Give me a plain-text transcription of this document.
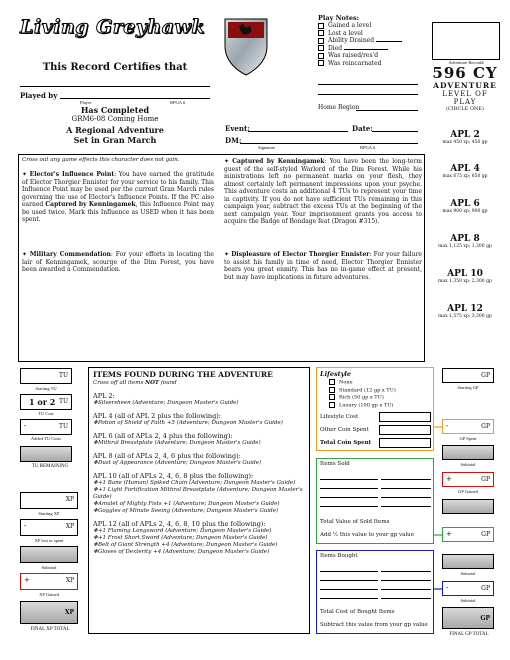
Living Greyhawk
This Record Certifies that
Played by
Player	RPGA #
Has Completed
GRM6-08 Coming Home
A Regional Adventure
Set in Gran March
Play Notes:
Gained a level
Lost a level
Ability Drained
Died
Was raised/res'd
Was reincarnated
Home Region
Event:	Date:
DM:
Signature	RPGA #
Adventure Record#
596 CY
ADVENTURE
LEVEL OF
PLAY
(CIRCLE ONE)
APL 2
max 450 xp; 450 gp
APL 4
max 675 xp; 650 gp
APL 6
max 900 xp; 900 gp
APL 8
max 1,125 xp; 1,300 gp
APL 10
max 1,350 xp; 2,300 gp
APL 12
max 1,575 xp; 3,300 gp
Cross out any game effects this character does not gain.
✦ Elector's Influence Point: You have earned the gratitude of Elector Thorgier Ennister for your service to his family. This Influence Point may be used per the current Gran March rules governing the use of Elector's Influence Points. If the PC also earned Captured by Kenningamek, this Influence Point may be used twice. Mark this Influence as USED when it has been spent.
✦ Military Commendation: For your efforts in locating the lair of Kenningamek, scourge of the Dim Forest, you have been awarded a Commendation.
✦ Captured by Kenningamek: You have been the long-term guest of the self-styled Warlord of the Dim Forest. While his ministrations left no permanent marks on your flesh, they almost certainly left permanent impressions upon your psyche. This adventure costs an additional 4 TUs to represent your time in captivity. If you do not have sufficient TUs remaining in this campaign year, subtract the excess TUs at the beginning of the next campaign year. Your imprisonment grants you access to acquire the Badge of Bondage feat (Dragon #315).
✦ Displeasure of Elector Thorgier Ennister: For your failure to assist his family in time of need, Elector Thorgier Ennister bears you great enmity. This has no in-game effect at present, but may have implications in future adventures.
TU
Starting TU
1 or 2 TU
TU Cost
-	TU
Added TU Costs
TU REMAINING
XP
Starting XP
-	XP
XP lost or spent
Subtotal
+	XP
XP Gained
XP
FINAL XP TOTAL
ITEMS FOUND DURING THE ADVENTURE
Cross off all items NOT found
APL 2:
❖Silversheen (Adventure; Dungeon Master's Guide)
APL 4 (all of APL 2 plus the following):
❖Potion of Shield of Faith +5 (Adventure; Dungeon Master's Guide)
APL 6 (all of APLs 2, 4 plus the following):
❖Mithral Breastplate (Adventure; Dungeon Master's Guide)
APL 8 (all of APLs 2, 4, 6 plus the following):
❖Dust of Appearance (Adventure; Dungeon Master's Guide)
APL 10 (all of APLs 2, 4, 6, 8 plus the following):
❖+1 Bane (Human) Spiked Chain (Adventure; Dungeon Master's Guide)
❖+1 Light Fortification Mithral Breastplate (Adventure; Dungeon Master's Guide)
❖Amulet of Mighty Fists +1 (Adventure; Dungeon Master's Guide)
❖Goggles of Minute Seeing (Adventure; Dungeon Master's Guide)
APL 12 (all of APLs 2, 4, 6, 8, 10 plus the following):
❖+1 Flaming Longsword (Adventure; Dungeon Master's Guide)
❖+1 Frost Short Sword (Adventure; Dungeon Master's Guide)
❖Belt of Giant Strength +4 (Adventure; Dungeon Master's Guide)
❖Gloves of Dexterity +4 (Adventure; Dungeon Master's Guide)
Lifestyle
None
Standard (12 gp x TU)
Rich (50 gp x TU)
Luxury (100 gp x TU)
Lifestyle Cost
Other Coin Spent
Total Coin Spent
Items Sold
Total Value of Sold Items
Add ½ this value to your gp value
Items Bought
Total Cost of Bought Items
Subtract this value from your gp value
GP
Starting GP
-	GP
GP Spent
Subtotal
+	GP
GP Gained
+	GP
Subtotal
-	GP
Subtotal
GP
FINAL GP TOTAL
